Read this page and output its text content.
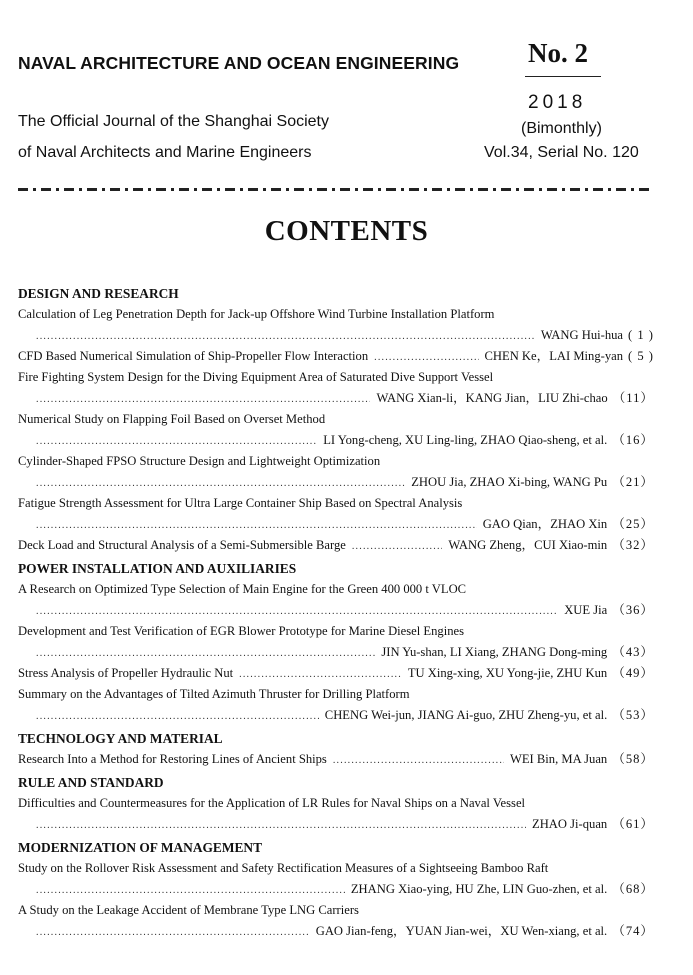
NAVAL ARCHITECTURE AND OCEAN ENGINEERING	No. 2
2018
The Official Journal of the Shanghai Society
of Naval Architects and Marine Engineers
(Bimonthly)
Vol.34, Serial No. 120
CONTENTS
DESIGN AND RESEARCH
Calculation of Leg Penetration Depth for Jack-up Offshore Wind Turbine Installation Platform
.....
WANG Hui-hua ( 1 )
CFD Based Numerical Simulation of Ship-Propeller Flow Interaction .....	CHEN Ke，LAI Ming-yan ( 5 )
Fire Fighting System Design for the Diving Equipment Area of Saturated Dive Support Vessel
.....
WANG Xian-li，KANG Jian，LIU Zhi-chao （11）
Numerical Study on Flapping Foil Based on Overset Method
.....
LI Yong-cheng, XU Ling-ling, ZHAO Qiao-sheng, et al. （16）
Cylinder-Shaped FPSO Structure Design and Lightweight Optimization
.....
ZHOU Jia, ZHAO Xi-bing, WANG Pu （21）
Fatigue Strength Assessment for Ultra Large Container Ship Based on Spectral Analysis
.....
GAO Qian，ZHAO Xin （25）
Deck Load and Structural Analysis of a Semi-Submersible Barge .....	WANG Zheng，CUI Xiao-min （32）
POWER INSTALLATION AND AUXILIARIES
A Research on Optimized Type Selection of Main Engine for the Green 400 000 t VLOC
.....
XUE Jia （36）
Development and Test Verification of EGR Blower Prototype for Marine Diesel Engines
.....
JIN Yu-shan, LI Xiang, ZHANG Dong-ming （43）
Stress Analysis of Propeller Hydraulic Nut .....	TU Xing-xing, XU Yong-jie, ZHU Kun （49）
Summary on the Advantages of Tilted Azimuth Thruster for Drilling Platform
.....
CHENG Wei-jun, JIANG Ai-guo, ZHU Zheng-yu, et al. （53）
TECHNOLOGY AND MATERIAL
Research Into a Method for Restoring Lines of Ancient Ships .....	WEI Bin, MA Juan （58）
RULE AND STANDARD
Difficulties and Countermeasures for the Application of LR Rules for Naval Ships on a Naval Vessel
.....
ZHAO Ji-quan （61）
MODERNIZATION OF MANAGEMENT
Study on the Rollover Risk Assessment and Safety Rectification Measures of a Sightseeing Bamboo Raft
.....
ZHANG Xiao-ying, HU Zhe, LIN Guo-zhen, et al. （68）
A Study on the Leakage Accident of Membrane Type LNG Carriers
.....
GAO Jian-feng，YUAN Jian-wei，XU Wen-xiang, et al. （74）
